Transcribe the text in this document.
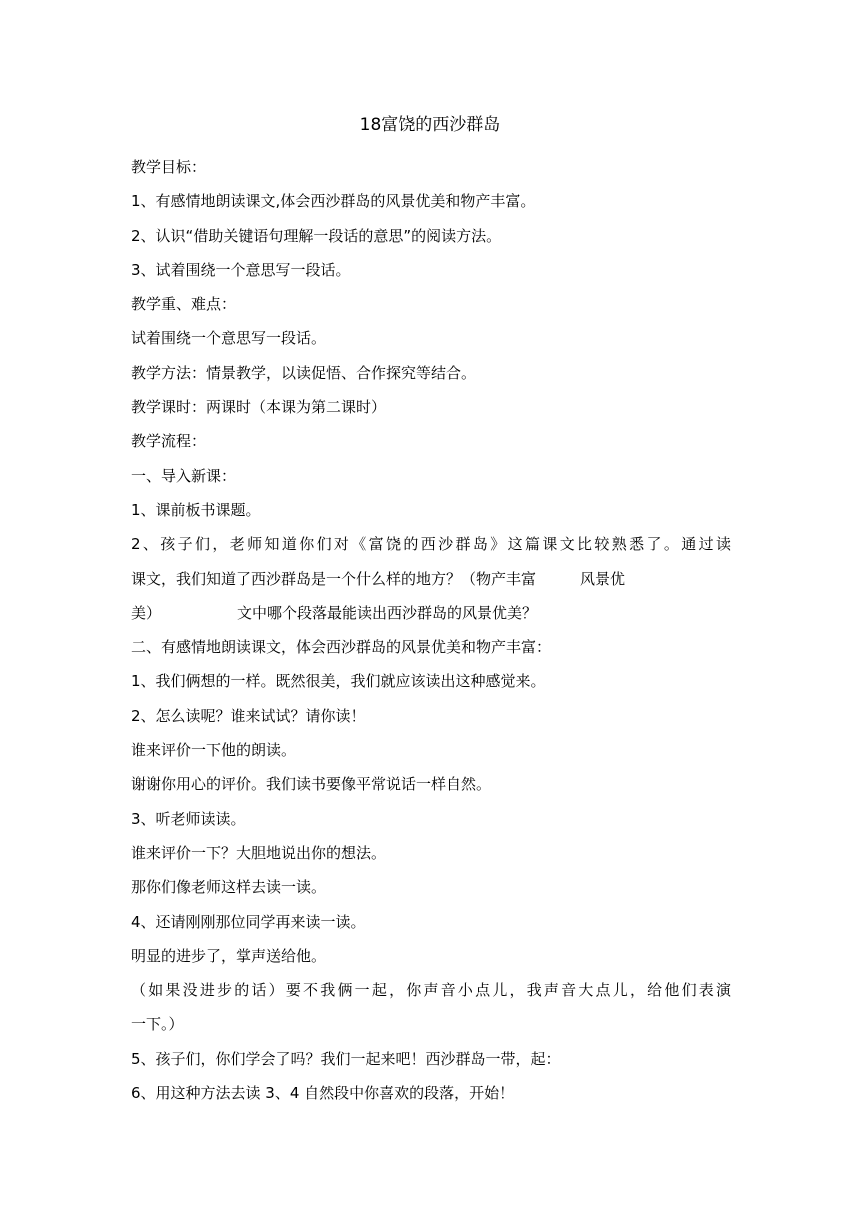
18富饶的西沙群岛
教学目标：
1、有感情地朗读课文,体会西沙群岛的风景优美和物产丰富。
2、认识“借助关键语句理解一段话的意思”的阅读方法。
3、试着围绕一个意思写一段话。
教学重、难点：
试着围绕一个意思写一段话。
教学方法：情景教学，以读促悟、合作探究等结合。
教学课时：两课时（本课为第二课时）
教学流程：
一、导入新课：
1、课前板书课题。
2、孩子们，老师知道你们对《富饶的西沙群岛》这篇课文比较熟悉了。通过读
课文，我们知道了西沙群岛是一个什么样的地方？（物产丰富	风景优
美）	文中哪个段落最能读出西沙群岛的风景优美？
二、有感情地朗读课文，体会西沙群岛的风景优美和物产丰富：
1、我们俩想的一样。既然很美，我们就应该读出这种感觉来。
2、怎么读呢？谁来试试？请你读！
谁来评价一下他的朗读。
谢谢你用心的评价。我们读书要像平常说话一样自然。
3、听老师读读。
谁来评价一下？大胆地说出你的想法。
那你们像老师这样去读一读。
4、还请刚刚那位同学再来读一读。
明显的进步了，掌声送给他。
（如果没进步的话）要不我俩一起，你声音小点儿，我声音大点儿，给他们表演
一下。）
5、孩子们，你们学会了吗？我们一起来吧！西沙群岛一带，起：
6、用这种方法去读 3、4 自然段中你喜欢的段落，开始！
